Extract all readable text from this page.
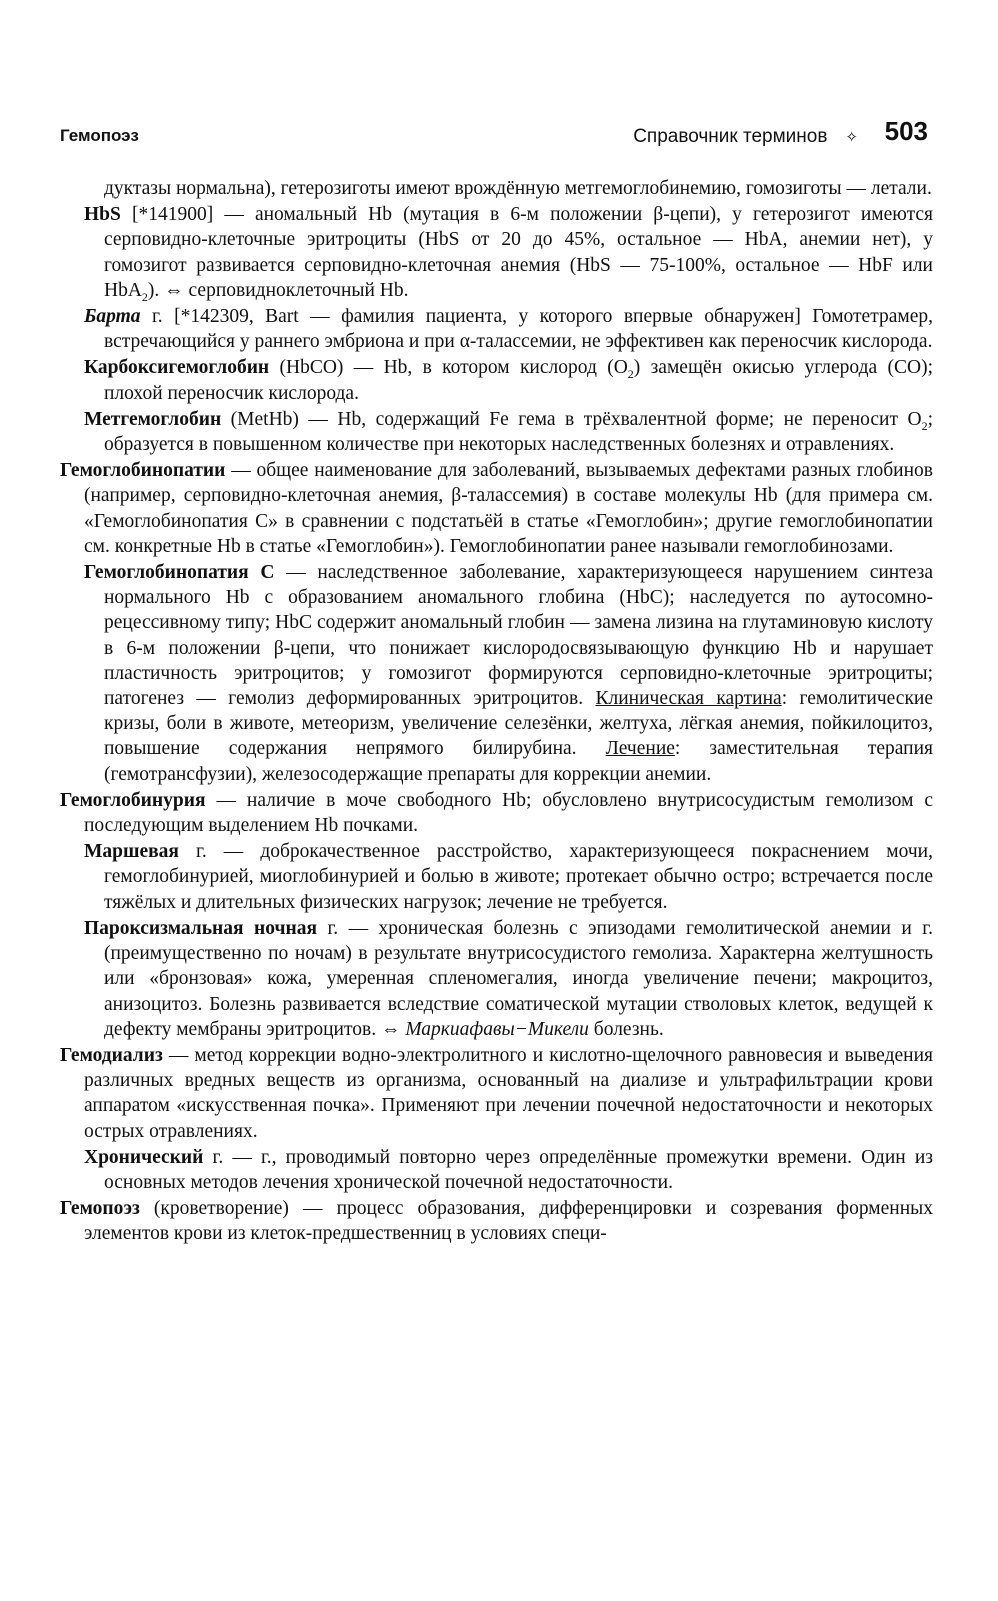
Гемопоэз	Справочник терминов ✧ 503

дуктазы нормальна), гетерозиготы имеют врождённую метгемоглобинемию, гомозиготы — летали.

HbS [*141900] — аномальный Hb (мутация в 6-м положении β-цепи), у гетерозигот имеются серповидно-клеточные эритроциты (HbS от 20 до 45%, остальное — HbA, анемии нет), у гомозигот развивается серповидно-клеточная анемия (HbS — 75-100%, остальное — HbF или HbA$_2$). ⇔ серповидноклеточный Hb.

Барта г. [*142309, Bart — фамилия пациента, у которого впервые обнаружен] Гомотетрамер, встречающийся у раннего эмбриона и при α-талассемии, не эффективен как переносчик кислорода.

Карбоксигемоглобин (HbCO) — Hb, в котором кислород $(O_2)$ замещён окисью углерода (CO); плохой переносчик кислорода.

Метгемоглобин (MetHb) — Hb, содержащий Fe гема в трёхвалентной форме; не переносит $O_2$; образуется в повышенном количестве при некоторых наследственных болезнях и отравлениях.

Гемоглобинопатии — общее наименование для заболеваний, вызываемых дефектами разных глобинов (например, серповидно-клеточная анемия, β-талассемия) в составе молекулы Hb (для примера см. «Гемоглобинопатия C» в сравнении с подстатьёй в статье «Гемоглобин»; другие гемоглобинопатии см. конкретные Hb в статье «Гемоглобин»). Гемоглобинопатии ранее называли гемоглобинозами.

Гемоглобинопатия C — наследственное заболевание, характеризующееся нарушением синтеза нормального Hb с образованием аномального глобина (HbC); наследуется по аутосомно-рецессивному типу; HbC содержит аномальный глобин — замена лизина на глутаминовую кислоту в 6-м положении β-цепи, что понижает кислородосвязывающую функцию Hb и нарушает пластичность эритроцитов; у гомозигот формируются серповидно-клеточные эритроциты; патогенез — гемолиз деформированных эритроцитов. Клиническая картина: гемолитические кризы, боли в животе, метеоризм, увеличение селезёнки, желтуха, лёгкая анемия, пойкилоцитоз, повышение содержания непрямого билирубина. Лечение: заместительная терапия (гемотрансфузии), железосодержащие препараты для коррекции анемии.

Гемоглобинурия — наличие в моче свободного Hb; обусловлено внутрисосудистым гемолизом с последующим выделением Hb почками.

Маршевая г. — доброкачественное расстройство, характеризующееся покраснением мочи, гемоглобинурией, миоглобинурией и болью в животе; протекает обычно остро; встречается после тяжёлых и длительных физических нагрузок; лечение не требуется.

Пароксизмальная ночная г. — хроническая болезнь с эпизодами гемолитической анемии и г. (преимущественно по ночам) в результате внутрисосудистого гемолиза. Характерна желтушность или «бронзовая» кожа, умеренная спленомегалия, иногда увеличение печени; макроцитоз, анизоцитоз. Болезнь развивается вследствие соматической мутации стволовых клеток, ведущей к дефекту мембраны эритроцитов. ⇔ Маркиафавы−Микели болезнь.

Гемодиализ — метод коррекции водно-электролитного и кислотно-щелочного равновесия и выведения различных вредных веществ из организма, основанный на диализе и ультрафильтрации крови аппаратом «искусственная почка». Применяют при лечении почечной недостаточности и некоторых острых отравлениях.

Хронический г. — г., проводимый повторно через определённые промежутки времени. Один из основных методов лечения хронической почечной недостаточности.

Гемопоэз (кроветворение) — процесс образования, дифференцировки и созревания форменных элементов крови из клеток-предшественниц в условиях специ-
